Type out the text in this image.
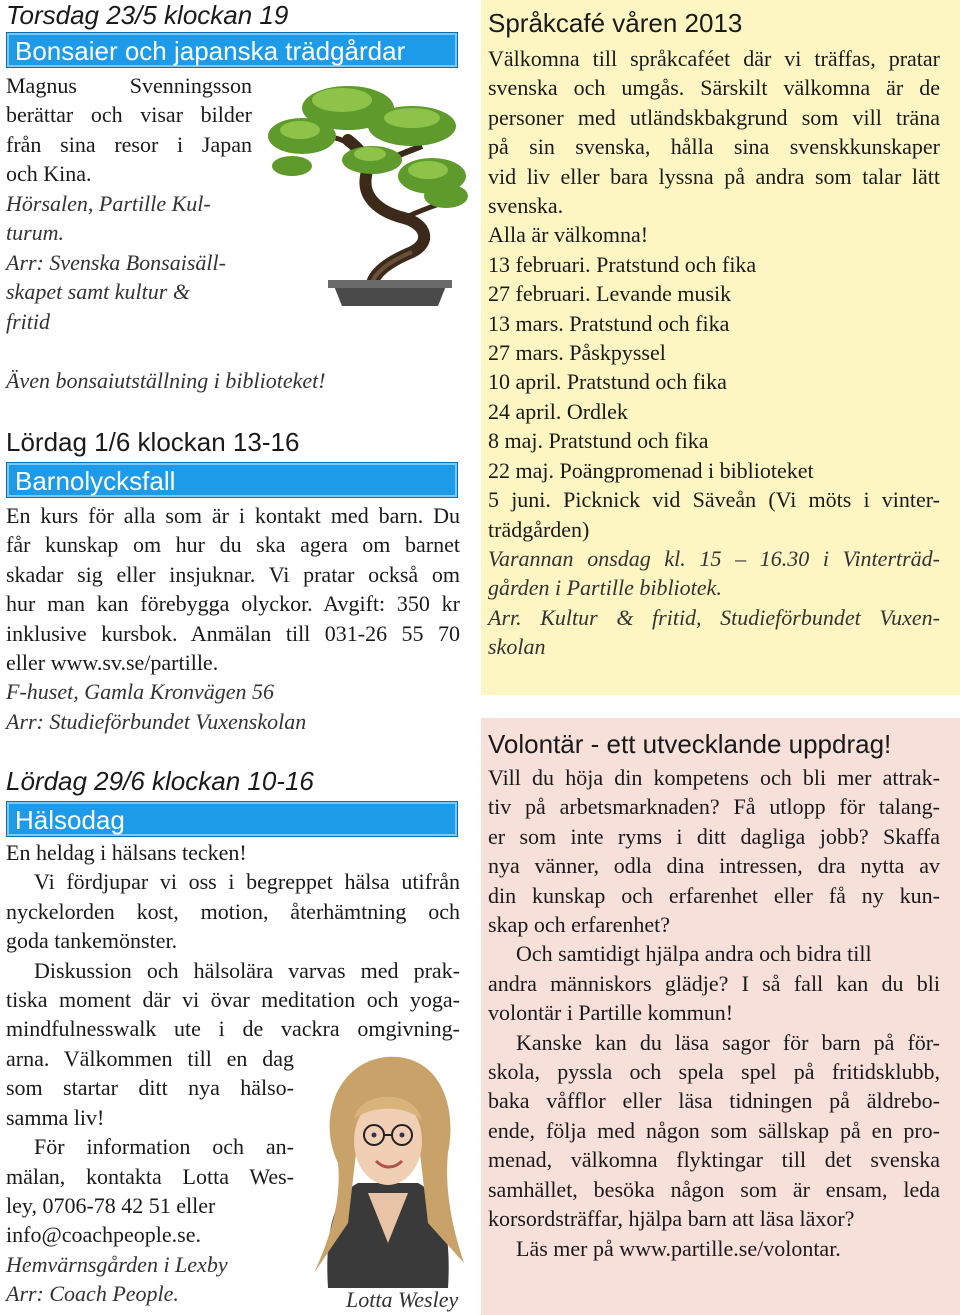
Torsdag 23/5 klockan 19
Bonsaier och japanska trädgårdar
Magnus Svenningsson
berättar och visar bilder
från sina resor i Japan
och Kina.
Hörsalen, Partille Kul-
turum.
Arr: Svenska Bonsaisäll-
skapet samt kultur &
fritid
Även bonsaiutställning i biblioteket!
Lördag 1/6 klockan 13-16
Barnolycksfall
En kurs för alla som är i kontakt med barn. Du
får kunskap om hur du ska agera om barnet
skadar sig eller insjuknar. Vi pratar också om
hur man kan förebygga olyckor. Avgift: 350 kr
inklusive kursbok. Anmälan till 031-26 55 70
eller www.sv.se/partille.
F-huset, Gamla Kronvägen 56
Arr: Studieförbundet Vuxenskolan
Lördag 29/6 klockan 10-16
Hälsodag
En heldag i hälsans tecken!
Vi fördjupar vi oss i begreppet hälsa utifrån
nyckelorden kost, motion, återhämtning och
goda tankemönster.
Diskussion och hälsolära varvas med prak-
tiska moment där vi övar meditation och yoga-
mindfulnesswalk ute i de vackra omgivning-
arna. Välkommen till en dag
som startar ditt nya hälso-
samma liv!
För information och an-
mälan, kontakta Lotta Wes-
ley, 0706-78 42 51 eller
info@coachpeople.se.
Hemvärnsgården i Lexby
Arr: Coach People.	Lotta Wesley
Språkcafé våren 2013
Välkomna till språkcaféet där vi träffas, pratar
svenska och umgås. Särskilt välkomna är de
personer med utländskbakgrund som vill träna
på sin svenska, hålla sina svenskkunskaper
vid liv eller bara lyssna på andra som talar lätt
svenska.
Alla är välkomna!
13 februari. Pratstund och fika
27 februari. Levande musik
13 mars. Pratstund och fika
27 mars. Påskpyssel
10 april. Pratstund och fika
24 april. Ordlek
8 maj. Pratstund och fika
22 maj. Poängpromenad i biblioteket
5 juni. Picknick vid Säveån (Vi möts i vinter-
trädgården)
Varannan onsdag kl. 15 – 16.30 i Vinterträd-
gården i Partille bibliotek.
Arr. Kultur & fritid, Studieförbundet Vuxen-
skolan
Volontär - ett utvecklande uppdrag!
Vill du höja din kompetens och bli mer attrak-
tiv på arbetsmarknaden? Få utlopp för talang-
er som inte ryms i ditt dagliga jobb? Skaffa
nya vänner, odla dina intressen, dra nytta av
din kunskap och erfarenhet eller få ny kun-
skap och erfarenhet?
Och samtidigt hjälpa andra och bidra till
andra människors glädje? I så fall kan du bli
volontär i Partille kommun!
Kanske kan du läsa sagor för barn på för-
skola, pyssla och spela spel på fritidsklubb,
baka våfflor eller läsa tidningen på äldrebo-
ende, följa med någon som sällskap på en pro-
menad, välkomna flyktingar till det svenska
samhället, besöka någon som är ensam, leda
korsordsträffar, hjälpa barn att läsa läxor?
Läs mer på www.partille.se/volontar.
